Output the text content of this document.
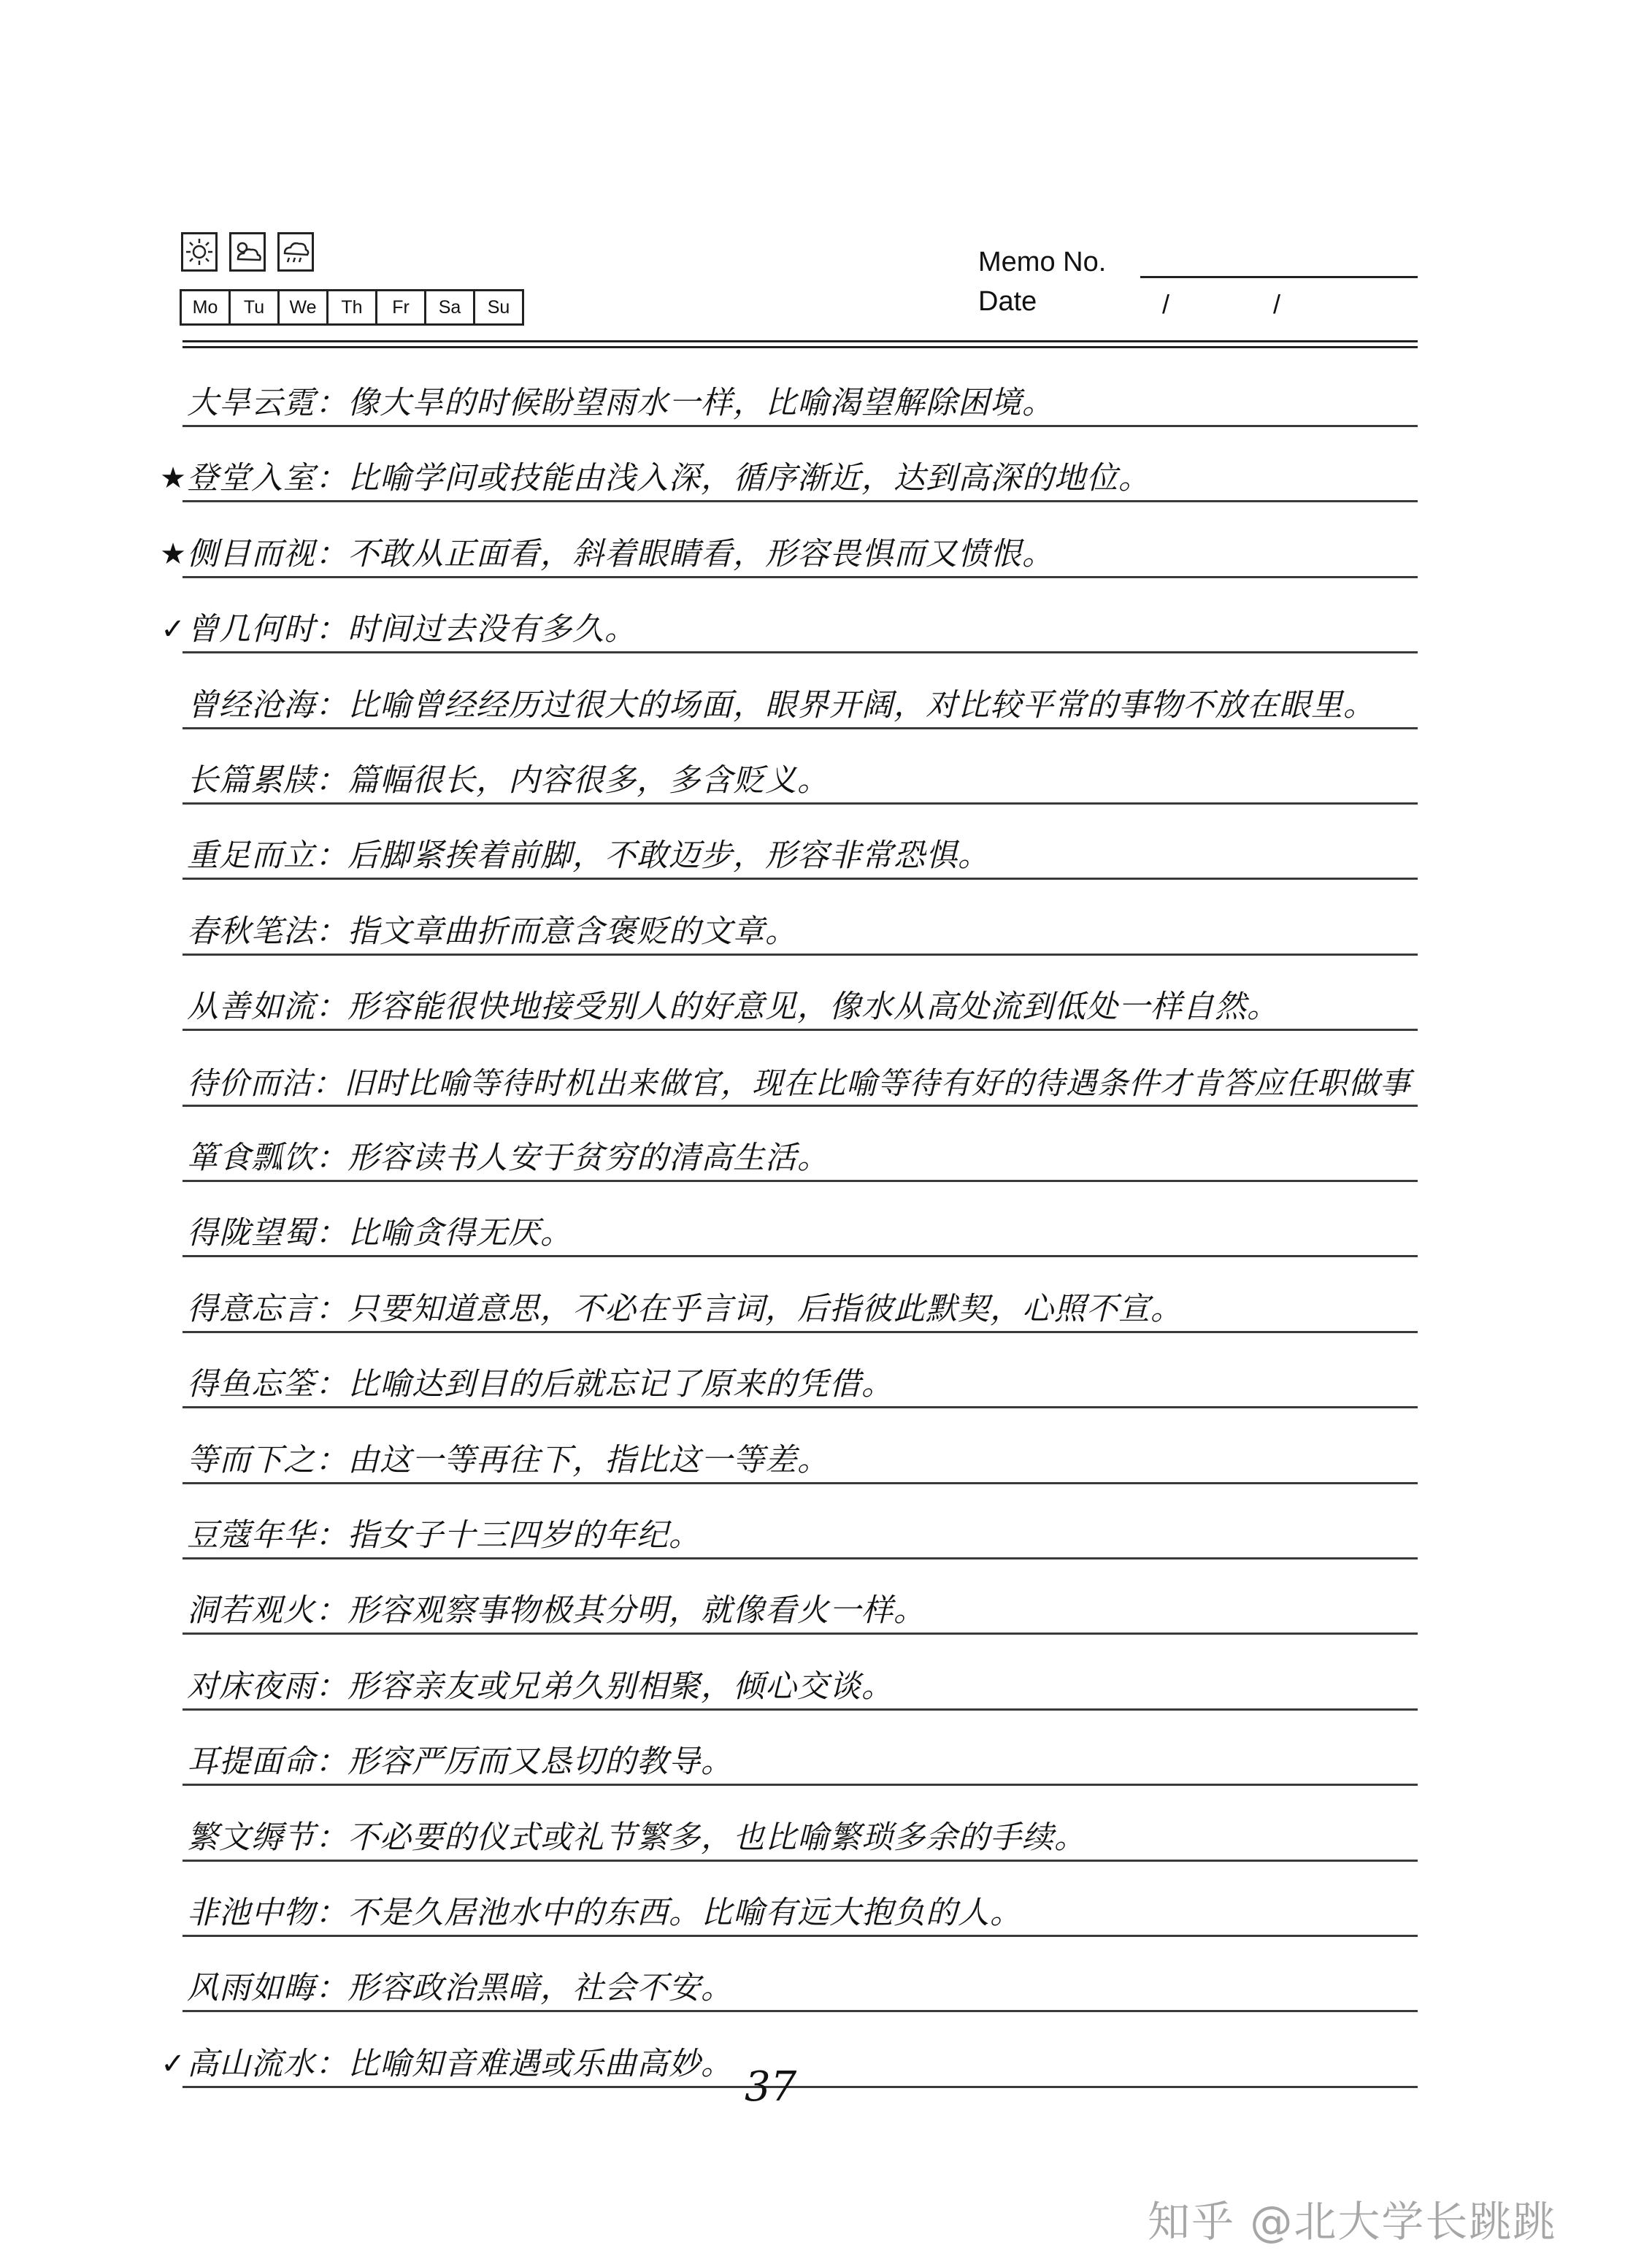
Mo	Tu	We	Th	Fr	Sa	Su
Memo No.
Date	/	/
大旱云霓：像大旱的时候盼望雨水一样，比喻渴望解除困境。
★ 登堂入室：比喻学问或技能由浅入深，循序渐近，达到高深的地位。
★ 侧目而视：不敢从正面看，斜着眼睛看，形容畏惧而又愤恨。
✓ 曾几何时：时间过去没有多久。
曾经沧海：比喻曾经经历过很大的场面，眼界开阔，对比较平常的事物不放在眼里。
长篇累牍：篇幅很长，内容很多，多含贬义。
重足而立：后脚紧挨着前脚，不敢迈步，形容非常恐惧。
春秋笔法：指文章曲折而意含褒贬的文章。
从善如流：形容能很快地接受别人的好意见，像水从高处流到低处一样自然。
待价而沽：旧时比喻等待时机出来做官，现在比喻等待有好的待遇条件才肯答应任职做事
箪食瓢饮：形容读书人安于贫穷的清高生活。
得陇望蜀：比喻贪得无厌。
得意忘言：只要知道意思，不必在乎言词，后指彼此默契，心照不宣。
得鱼忘筌：比喻达到目的后就忘记了原来的凭借。
等而下之：由这一等再往下，指比这一等差。
豆蔻年华：指女子十三四岁的年纪。
洞若观火：形容观察事物极其分明，就像看火一样。
对床夜雨：形容亲友或兄弟久别相聚，倾心交谈。
耳提面命：形容严厉而又恳切的教导。
繁文缛节：不必要的仪式或礼节繁多，也比喻繁琐多余的手续。
非池中物：不是久居池水中的东西。比喻有远大抱负的人。
风雨如晦：形容政治黑暗，社会不安。
✓ 高山流水：比喻知音难遇或乐曲高妙。 37
知乎 @北大学长跳跳
